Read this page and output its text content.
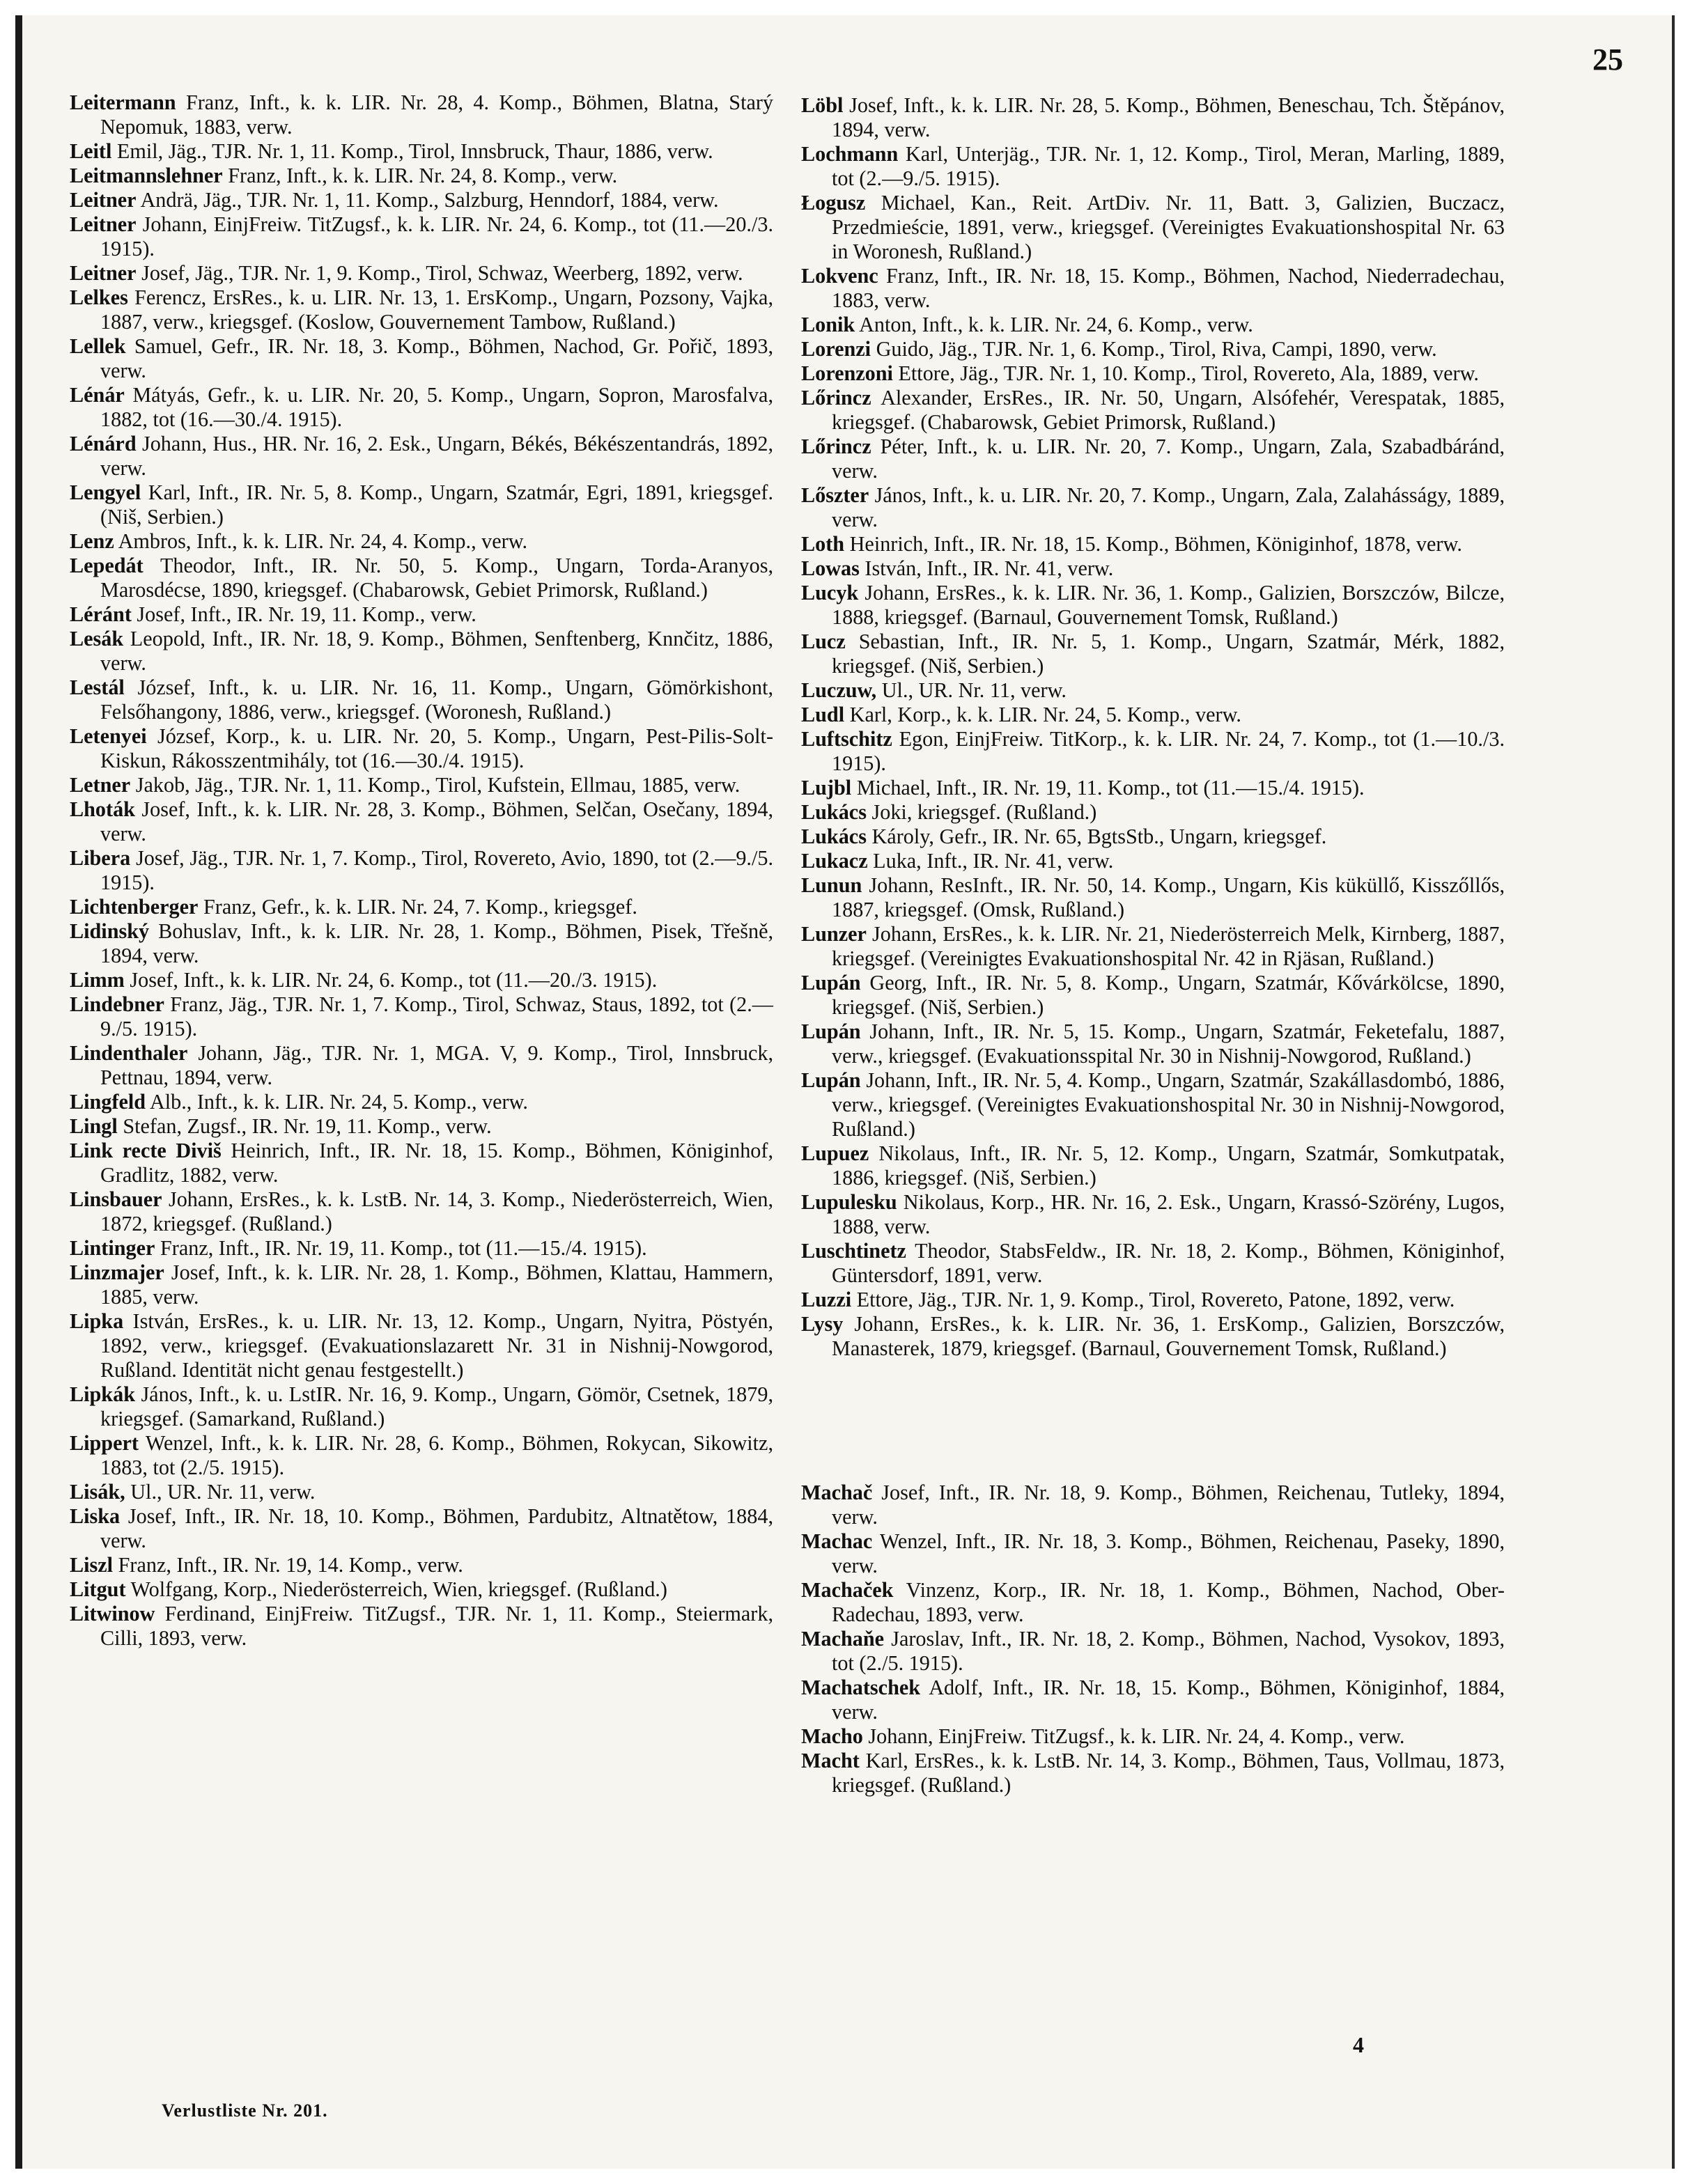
25

Leitermann Franz, Inft., k. k. LIR. Nr. 28, 4. Komp., Böhmen, Blatna, Starý Nepomuk, 1883, verw.

Leitl Emil, Jäg., TJR. Nr. 1, 11. Komp., Tirol, Innsbruck, Thaur, 1886, verw.

Leitmannslehner Franz, Inft., k. k. LIR. Nr. 24, 8. Komp., verw.

Leitner Andrä, Jäg., TJR. Nr. 1, 11. Komp., Salzburg, Henndorf, 1884, verw.

Leitner Johann, EinjFreiw. TitZugsf., k. k. LIR. Nr. 24, 6. Komp., tot (11.—20./3. 1915).

Leitner Josef, Jäg., TJR. Nr. 1, 9. Komp., Tirol, Schwaz, Weerberg, 1892, verw.

Lelkes Ferencz, ErsRes., k. u. LIR. Nr. 13, 1. ErsKomp., Ungarn, Pozsony, Vajka, 1887, verw., kriegsgef. (Koslow, Gouvernement Tambow, Rußland.)

Lellek Samuel, Gefr., IR. Nr. 18, 3. Komp., Böhmen, Nachod, Gr. Pořič, 1893, verw.

Lénár Mátyás, Gefr., k. u. LIR. Nr. 20, 5. Komp., Ungarn, Sopron, Marosfalva, 1882, tot (16.—30./4. 1915).

Lénárd Johann, Hus., HR. Nr. 16, 2. Esk., Ungarn, Békés, Békészentandrás, 1892, verw.

Lengyel Karl, Inft., IR. Nr. 5, 8. Komp., Ungarn, Szatmár, Egri, 1891, kriegsgef. (Niš, Serbien.)

Lenz Ambros, Inft., k. k. LIR. Nr. 24, 4. Komp., verw.

Lepedát Theodor, Inft., IR. Nr. 50, 5. Komp., Ungarn, Torda-Aranyos, Marosdécse, 1890, kriegsgef. (Chabarowsk, Gebiet Primorsk, Rußland.)

Léránt Josef, Inft., IR. Nr. 19, 11. Komp., verw.

Lesák Leopold, Inft., IR. Nr. 18, 9. Komp., Böhmen, Senftenberg, Knnčitz, 1886, verw.

Lestál József, Inft., k. u. LIR. Nr. 16, 11. Komp., Ungarn, Gömörkishont, Felsőhangony, 1886, verw., kriegsgef. (Woronesh, Rußland.)

Letenyei József, Korp., k. u. LIR. Nr. 20, 5. Komp., Ungarn, Pest-Pilis-Solt-Kiskun, Rákosszentmihály, tot (16.—30./4. 1915).

Letner Jakob, Jäg., TJR. Nr. 1, 11. Komp., Tirol, Kufstein, Ellmau, 1885, verw.

Lhoták Josef, Inft., k. k. LIR. Nr. 28, 3. Komp., Böhmen, Selčan, Osečany, 1894, verw.

Libera Josef, Jäg., TJR. Nr. 1, 7. Komp., Tirol, Rovereto, Avio, 1890, tot (2.—9./5. 1915).

Lichtenberger Franz, Gefr., k. k. LIR. Nr. 24, 7. Komp., kriegsgef.

Lidinský Bohuslav, Inft., k. k. LIR. Nr. 28, 1. Komp., Böhmen, Pisek, Třešně, 1894, verw.

Limm Josef, Inft., k. k. LIR. Nr. 24, 6. Komp., tot (11.—20./3. 1915).

Lindebner Franz, Jäg., TJR. Nr. 1, 7. Komp., Tirol, Schwaz, Staus, 1892, tot (2.—9./5. 1915).

Lindenthaler Johann, Jäg., TJR. Nr. 1, MGA. V, 9. Komp., Tirol, Innsbruck, Pettnau, 1894, verw.

Lingfeld Alb., Inft., k. k. LIR. Nr. 24, 5. Komp., verw.

Lingl Stefan, Zugsf., IR. Nr. 19, 11. Komp., verw.

Link recte Diviš Heinrich, Inft., IR. Nr. 18, 15. Komp., Böhmen, Königinhof, Gradlitz, 1882, verw.

Linsbauer Johann, ErsRes., k. k. LstB. Nr. 14, 3. Komp., Niederösterreich, Wien, 1872, kriegsgef. (Rußland.)

Lintinger Franz, Inft., IR. Nr. 19, 11. Komp., tot (11.—15./4. 1915).

Linzmajer Josef, Inft., k. k. LIR. Nr. 28, 1. Komp., Böhmen, Klattau, Hammern, 1885, verw.

Lipka István, ErsRes., k. u. LIR. Nr. 13, 12. Komp., Ungarn, Nyitra, Pöstyén, 1892, verw., kriegsgef. (Evakuationslazarett Nr. 31 in Nishnij-Nowgorod, Rußland. Identität nicht genau festgestellt.)

Lipkák János, Inft., k. u. LstIR. Nr. 16, 9. Komp., Ungarn, Gömör, Csetnek, 1879, kriegsgef. (Samarkand, Rußland.)

Lippert Wenzel, Inft., k. k. LIR. Nr. 28, 6. Komp., Böhmen, Rokycan, Sikowitz, 1883, tot (2./5. 1915).

Lisák, Ul., UR. Nr. 11, verw.

Liska Josef, Inft., IR. Nr. 18, 10. Komp., Böhmen, Pardubitz, Altnatětow, 1884, verw.

Liszl Franz, Inft., IR. Nr. 19, 14. Komp., verw.

Litgut Wolfgang, Korp., Niederösterreich, Wien, kriegsgef. (Rußland.)

Litwinow Ferdinand, EinjFreiw. TitZugsf., TJR. Nr. 1, 11. Komp., Steiermark, Cilli, 1893, verw.

Löbl Josef, Inft., k. k. LIR. Nr. 28, 5. Komp., Böhmen, Beneschau, Tch. Štěpánov, 1894, verw.

Lochmann Karl, Unterjäg., TJR. Nr. 1, 12. Komp., Tirol, Meran, Marling, 1889, tot (2.—9./5. 1915).

Łogusz Michael, Kan., Reit. ArtDiv. Nr. 11, Batt. 3, Galizien, Buczacz, Przedmieście, 1891, verw., kriegsgef. (Vereinigtes Evakuationshospital Nr. 63 in Woronesh, Rußland.)

Lokvenc Franz, Inft., IR. Nr. 18, 15. Komp., Böhmen, Nachod, Niederradechau, 1883, verw.

Lonik Anton, Inft., k. k. LIR. Nr. 24, 6. Komp., verw.

Lorenzi Guido, Jäg., TJR. Nr. 1, 6. Komp., Tirol, Riva, Campi, 1890, verw.

Lorenzoni Ettore, Jäg., TJR. Nr. 1, 10. Komp., Tirol, Rovereto, Ala, 1889, verw.

Lőrincz Alexander, ErsRes., IR. Nr. 50, Ungarn, Alsófehér, Verespatak, 1885, kriegsgef. (Chabarowsk, Gebiet Primorsk, Rußland.)

Lőrincz Péter, Inft., k. u. LIR. Nr. 20, 7. Komp., Ungarn, Zala, Szabadbáránd, verw.

Lőszter János, Inft., k. u. LIR. Nr. 20, 7. Komp., Ungarn, Zala, Zalahásságy, 1889, verw.

Loth Heinrich, Inft., IR. Nr. 18, 15. Komp., Böhmen, Königinhof, 1878, verw.

Lowas István, Inft., IR. Nr. 41, verw.

Lucyk Johann, ErsRes., k. k. LIR. Nr. 36, 1. Komp., Galizien, Borszczów, Bilcze, 1888, kriegsgef. (Barnaul, Gouvernement Tomsk, Rußland.)

Lucz Sebastian, Inft., IR. Nr. 5, 1. Komp., Ungarn, Szatmár, Mérk, 1882, kriegsgef. (Niš, Serbien.)

Luczuw, Ul., UR. Nr. 11, verw.

Ludl Karl, Korp., k. k. LIR. Nr. 24, 5. Komp., verw.

Luftschitz Egon, EinjFreiw. TitKorp., k. k. LIR. Nr. 24, 7. Komp., tot (1.—10./3. 1915).

Lujbl Michael, Inft., IR. Nr. 19, 11. Komp., tot (11.—15./4. 1915).

Lukács Joki, kriegsgef. (Rußland.)

Lukács Károly, Gefr., IR. Nr. 65, BgtsStb., Ungarn, kriegsgef.

Lukacz Luka, Inft., IR. Nr. 41, verw.

Lunun Johann, ResInft., IR. Nr. 50, 14. Komp., Ungarn, Kis küküllő, Kisszőllős, 1887, kriegsgef. (Omsk, Rußland.)

Lunzer Johann, ErsRes., k. k. LIR. Nr. 21, Niederösterreich Melk, Kirnberg, 1887, kriegsgef. (Vereinigtes Evakuationshospital Nr. 42 in Rjäsan, Rußland.)

Lupán Georg, Inft., IR. Nr. 5, 8. Komp., Ungarn, Szatmár, Kővárkölcse, 1890, kriegsgef. (Niš, Serbien.)

Lupán Johann, Inft., IR. Nr. 5, 15. Komp., Ungarn, Szatmár, Feketefalu, 1887, verw., kriegsgef. (Evakuationsspital Nr. 30 in Nishnij-Nowgorod, Rußland.)

Lupán Johann, Inft., IR. Nr. 5, 4. Komp., Ungarn, Szatmár, Szakállasdombó, 1886, verw., kriegsgef. (Vereinigtes Evakuationshospital Nr. 30 in Nishnij-Nowgorod, Rußland.)

Lupuez Nikolaus, Inft., IR. Nr. 5, 12. Komp., Ungarn, Szatmár, Somkutpatak, 1886, kriegsgef. (Niš, Serbien.)

Lupulesku Nikolaus, Korp., HR. Nr. 16, 2. Esk., Ungarn, Krassó-Szörény, Lugos, 1888, verw.

Luschtinetz Theodor, StabsFeldw., IR. Nr. 18, 2. Komp., Böhmen, Königinhof, Güntersdorf, 1891, verw.

Luzzi Ettore, Jäg., TJR. Nr. 1, 9. Komp., Tirol, Rovereto, Patone, 1892, verw.

Lysy Johann, ErsRes., k. k. LIR. Nr. 36, 1. ErsKomp., Galizien, Borszczów, Manasterek, 1879, kriegsgef. (Barnaul, Gouvernement Tomsk, Rußland.)

Machač Josef, Inft., IR. Nr. 18, 9. Komp., Böhmen, Reichenau, Tutleky, 1894, verw.

Machac Wenzel, Inft., IR. Nr. 18, 3. Komp., Böhmen, Reichenau, Paseky, 1890, verw.

Machaček Vinzenz, Korp., IR. Nr. 18, 1. Komp., Böhmen, Nachod, Ober-Radechau, 1893, verw.

Machaňe Jaroslav, Inft., IR. Nr. 18, 2. Komp., Böhmen, Nachod, Vysokov, 1893, tot (2./5. 1915).

Machatschek Adolf, Inft., IR. Nr. 18, 15. Komp., Böhmen, Königinhof, 1884, verw.

Macho Johann, EinjFreiw. TitZugsf., k. k. LIR. Nr. 24, 4. Komp., verw.

Macht Karl, ErsRes., k. k. LstB. Nr. 14, 3. Komp., Böhmen, Taus, Vollmau, 1873, kriegsgef. (Rußland.)

4
Verlustliste Nr. 201.
